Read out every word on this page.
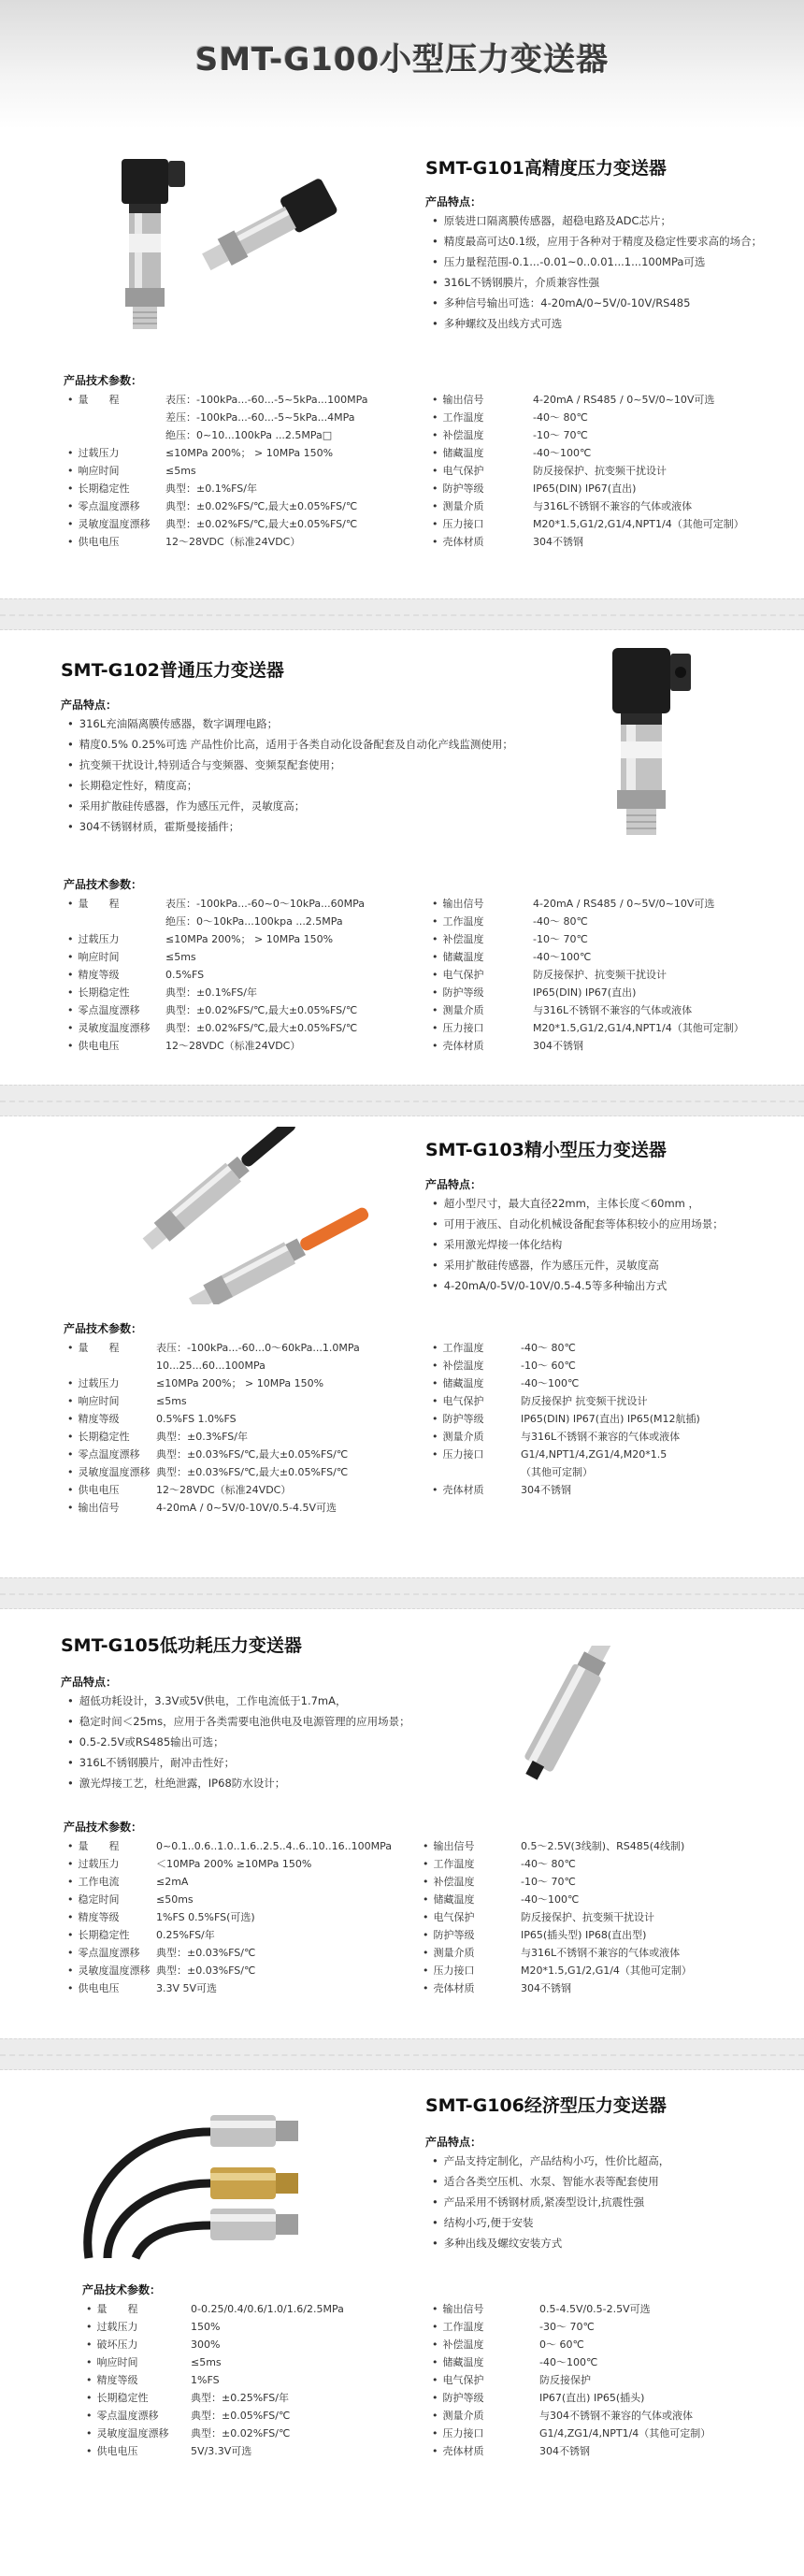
SMT-G100小型压力变送器
SMT-G101高精度压力变送器
产品特点：
• 原装进口隔离膜传感器，超稳电路及ADC芯片；
• 精度最高可达0.1级，应用于各种对于精度及稳定性要求高的场合；
• 压力量程范围-0.1...-0.01~0..0.01...1...100MPa可选
• 316L不锈钢膜片，介质兼容性强
• 多种信号输出可选：4-20mA/0~5V/0-10V/RS485
• 多种螺纹及出线方式可选
产品技术参数：
• 量　　程	表压：-100kPa...-60...-5~5kPa...100MPa
差压：-100kPa...-60...-5~5kPa...4MPa
绝压：0~10...100kPa ...2.5MPa□
• 过载压力	≤10MPa 200%； > 10MPa 150%
• 响应时间	≤5ms
• 长期稳定性	典型：±0.1%FS/年
• 零点温度漂移	典型：±0.02%FS/℃,最大±0.05%FS/℃
• 灵敏度温度漂移 典型：±0.02%FS/℃,最大±0.05%FS/℃
• 供电电压	12～28VDC（标准24VDC）
• 输出信号	4-20mA / RS485 / 0~5V/0~10V可选
• 工作温度	-40～ 80℃
• 补偿温度	-10～ 70℃
• 储藏温度	-40～100℃
• 电气保护	防反接保护、抗变频干扰设计
• 防护等级	IP65(DIN) IP67(直出)
• 测量介质	与316L不锈钢不兼容的气体或液体
• 压力接口	M20*1.5,G1/2,G1/4,NPT1/4（其他可定制）
• 壳体材质	304不锈钢
SMT-G102普通压力变送器
产品特点：
• 316L充油隔离膜传感器，数字调理电路；
• 精度0.5% 0.25%可选 产品性价比高，适用于各类自动化设备配套及自动化产线监测使用；
• 抗变频干扰设计,特别适合与变频器、变频泵配套使用；
• 长期稳定性好，精度高；
• 采用扩散硅传感器，作为感压元件，灵敏度高；
• 304不锈钢材质，霍斯曼接插件；
产品技术参数：
• 量　　程	表压：-100kPa...-60~0～10kPa...60MPa
绝压：0～10kPa...100kpa ...2.5MPa
• 过载压力	≤10MPa 200%； > 10MPa 150%
• 响应时间	≤5ms
• 精度等级	0.5%FS
• 长期稳定性	典型：±0.1%FS/年
• 零点温度漂移	典型：±0.02%FS/℃,最大±0.05%FS/℃
• 灵敏度温度漂移 典型：±0.02%FS/℃,最大±0.05%FS/℃
• 供电电压	12～28VDC（标准24VDC）
• 输出信号	4-20mA / RS485 / 0~5V/0~10V可选
• 工作温度	-40～ 80℃
• 补偿温度	-10～ 70℃
• 储藏温度	-40～100℃
• 电气保护	防反接保护、抗变频干扰设计
• 防护等级	IP65(DIN) IP67(直出)
• 测量介质	与316L不锈钢不兼容的气体或液体
• 压力接口	M20*1.5,G1/2,G1/4,NPT1/4（其他可定制）
• 壳体材质	304不锈钢
SMT-G103精小型压力变送器
产品特点：
• 超小型尺寸，最大直径22mm，主体长度＜60mm ，
• 可用于液压、自动化机械设备配套等体积较小的应用场景；
• 采用激光焊接一体化结构
• 采用扩散硅传感器，作为感压元件，灵敏度高
• 4-20mA/0-5V/0-10V/0.5-4.5等多种输出方式
产品技术参数：
• 量　　程	表压：-100kPa...-60...0～60kPa...1.0MPa
10...25...60...100MPa
• 过载压力	≤10MPa 200%； > 10MPa 150%
• 响应时间	≤5ms
• 精度等级	0.5%FS 1.0%FS
• 长期稳定性	典型：±0.3%FS/年
• 零点温度漂移 典型：±0.03%FS/℃,最大±0.05%FS/℃
• 灵敏度温度漂移 典型：±0.03%FS/℃,最大±0.05%FS/℃
• 供电电压	12～28VDC（标准24VDC）
• 输出信号	4-20mA / 0~5V/0-10V/0.5-4.5V可选
• 工作温度	-40～ 80℃
• 补偿温度	-10～ 60℃
• 储藏温度	-40～100℃
• 电气保护	防反接保护 抗变频干扰设计
• 防护等级	IP65(DIN) IP67(直出) IP65(M12航插)
• 测量介质	与316L不锈钢不兼容的气体或液体
• 压力接口	G1/4,NPT1/4,ZG1/4,M20*1.5
（其他可定制）
• 壳体材质	304不锈钢
SMT-G105低功耗压力变送器
产品特点：
• 超低功耗设计，3.3V或5V供电，工作电流低于1.7mA，
• 稳定时间＜25ms，应用于各类需要电池供电及电源管理的应用场景；
• 0.5-2.5V或RS485输出可选；
• 316L不锈钢膜片，耐冲击性好；
• 激光焊接工艺，杜绝泄露，IP68防水设计；
产品技术参数：
• 量　　程	0~0.1..0.6..1.0..1.6..2.5..4..6..10..16..100MPa
• 过载压力	＜10MPa 200% ≥10MPa 150%
• 工作电流	≤2mA
• 稳定时间	≤50ms
• 精度等级	1%FS 0.5%FS(可选)
• 长期稳定性	0.25%FS/年
• 零点温度漂移 典型：±0.03%FS/℃
• 灵敏度温度漂移 典型：±0.03%FS/℃
• 供电电压	3.3V 5V可选
• 输出信号	0.5～2.5V(3线制)、RS485(4线制)
• 工作温度	-40～ 80℃
• 补偿温度	-10～ 70℃
• 储藏温度	-40～100℃
• 电气保护	防反接保护、抗变频干扰设计
• 防护等级	IP65(插头型) IP68(直出型)
• 测量介质	与316L不锈钢不兼容的气体或液体
• 压力接口	M20*1.5,G1/2,G1/4（其他可定制）
• 壳体材质	304不锈钢
SMT-G106经济型压力变送器
产品特点：
• 产品支持定制化，产品结构小巧，性价比超高，
• 适合各类空压机、水泵、智能水表等配套使用
• 产品采用不锈钢材质,紧凑型设计,抗震性强
• 结构小巧,便于安装
• 多种出线及螺纹安装方式
产品技术参数：
• 量　　程	0-0.25/0.4/0.6/1.0/1.6/2.5MPa
• 过载压力	150%
• 破坏压力	300%
• 响应时间	≤5ms
• 精度等级	1%FS
• 长期稳定性	典型：±0.25%FS/年
• 零点温度漂移	典型：±0.05%FS/℃
• 灵敏度温度漂移 典型：±0.02%FS/℃
• 供电电压	5V/3.3V可选
• 输出信号	0.5-4.5V/0.5-2.5V可选
• 工作温度	-30～ 70℃
• 补偿温度	0～ 60℃
• 储藏温度	-40～100℃
• 电气保护	防反接保护
• 防护等级	IP67(直出) IP65(插头)
• 测量介质	与304不锈钢不兼容的气体或液体
• 压力接口	G1/4,ZG1/4,NPT1/4（其他可定制）
• 壳体材质	304不锈钢
